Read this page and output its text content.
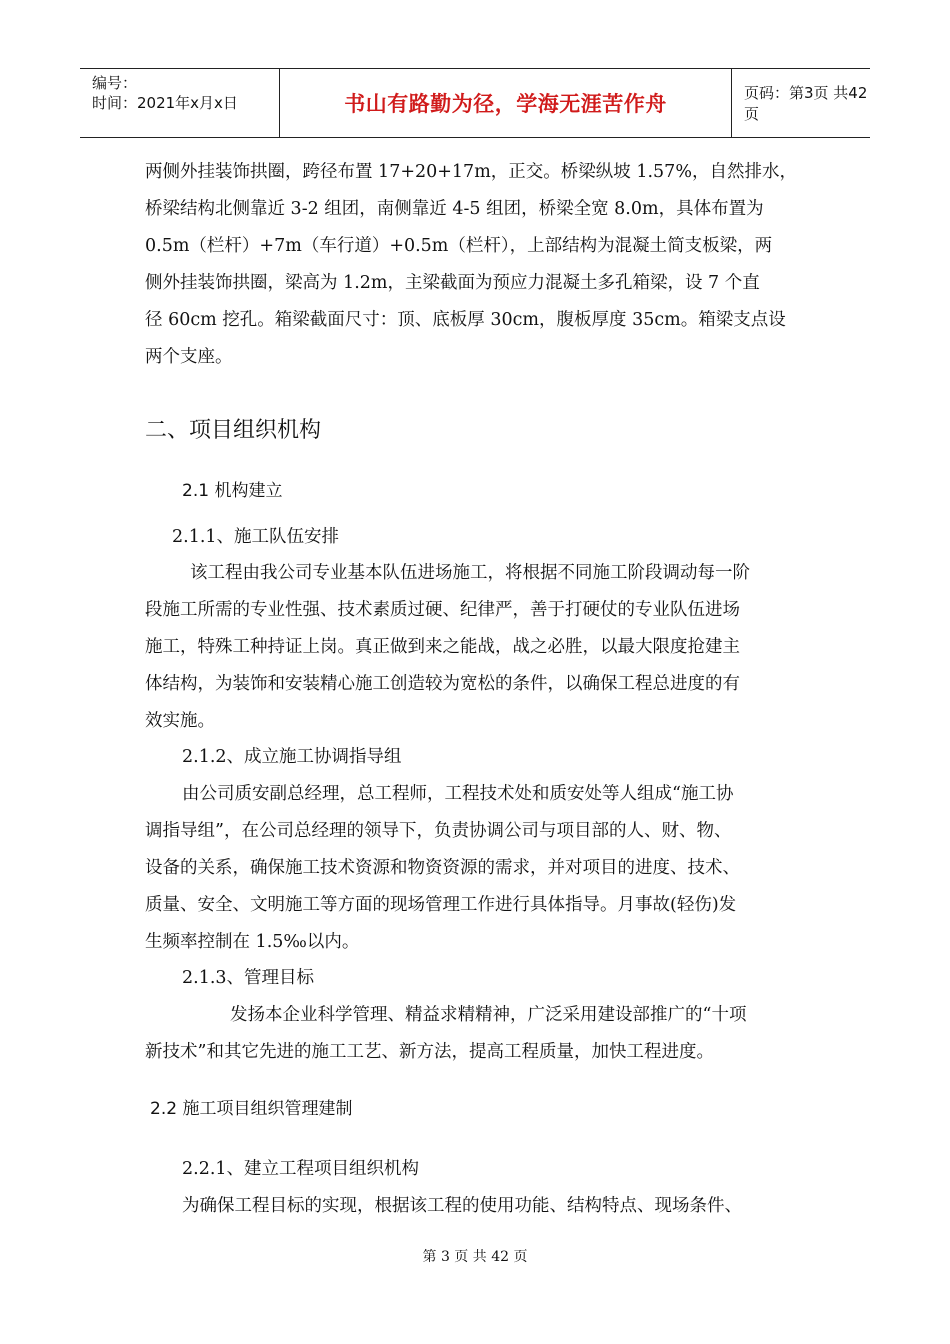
编号：
时间：2021年x月x日	书山有路勤为径，学海无涯苦作舟	页码：第3页 共42页
两侧外挂装饰拱圈，跨径布置 17+20+17m，正交。桥梁纵坡 1.57%，自然排水，
桥梁结构北侧靠近 3-2 组团，南侧靠近 4-5 组团，桥梁全宽 8.0m，具体布置为
0.5m（栏杆）+7m（车行道）+0.5m（栏杆），上部结构为混凝土简支板梁，两
侧外挂装饰拱圈，梁高为 1.2m，主梁截面为预应力混凝土多孔箱梁，设 7 个直
径 60cm 挖孔。箱梁截面尺寸：顶、底板厚 30cm，腹板厚度 35cm。箱梁支点设
两个支座。
二、项目组织机构
2.1 机构建立
2.1.1、施工队伍安排
该工程由我公司专业基本队伍进场施工，将根据不同施工阶段调动每一阶
段施工所需的专业性强、技术素质过硬、纪律严，善于打硬仗的专业队伍进场
施工，特殊工种持证上岗。真正做到来之能战，战之必胜，以最大限度抢建主
体结构，为装饰和安装精心施工创造较为宽松的条件，以确保工程总进度的有
效实施。
2.1.2、成立施工协调指导组
由公司质安副总经理，总工程师，工程技术处和质安处等人组成“施工协
调指导组”，在公司总经理的领导下，负责协调公司与项目部的人、财、物、
设备的关系，确保施工技术资源和物资资源的需求，并对项目的进度、技术、
质量、安全、文明施工等方面的现场管理工作进行具体指导。月事故(轻伤)发
生频率控制在 1.5‰以内。
2.1.3、管理目标
发扬本企业科学管理、精益求精精神，广泛采用建设部推广的“十项
新技术”和其它先进的施工工艺、新方法，提高工程质量，加快工程进度。
2.2 施工项目组织管理建制
2.2.1、建立工程项目组织机构
为确保工程目标的实现，根据该工程的使用功能、结构特点、现场条件、
第 3 页 共 42 页
